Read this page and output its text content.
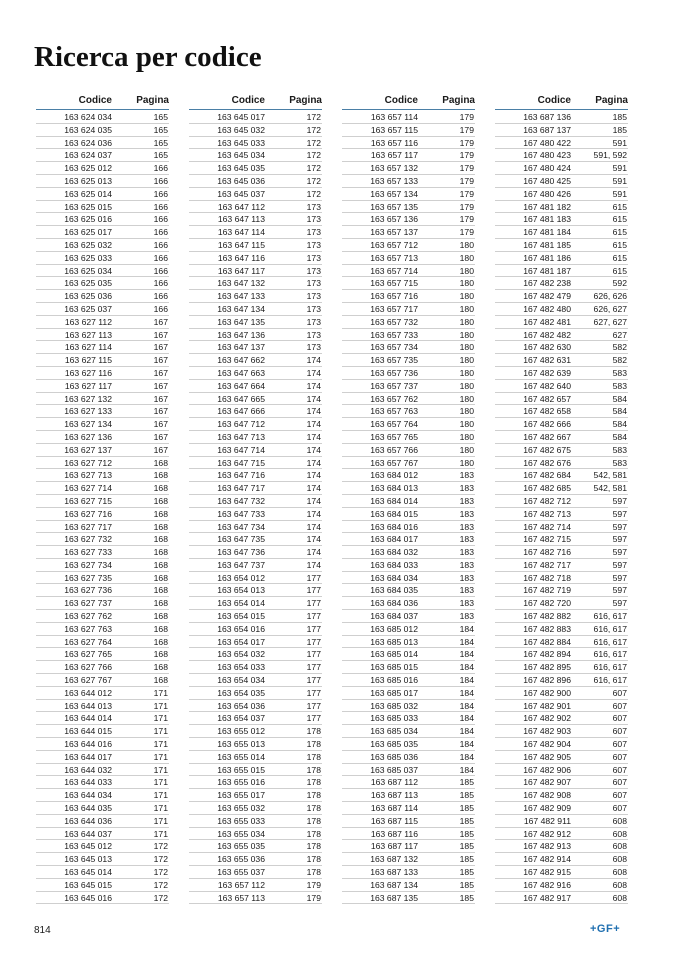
Ricerca per codice
Codice	Pagina
163 624 034	165
163 624 035	165
163 624 036	165
163 624 037	165
163 625 012	166
163 625 013	166
163 625 014	166
163 625 015	166
163 625 016	166
163 625 017	166
163 625 032	166
163 625 033	166
163 625 034	166
163 625 035	166
163 625 036	166
163 625 037	166
163 627 112	167
163 627 113	167
163 627 114	167
163 627 115	167
163 627 116	167
163 627 117	167
163 627 132	167
163 627 133	167
163 627 134	167
163 627 136	167
163 627 137	167
163 627 712	168
163 627 713	168
163 627 714	168
163 627 715	168
163 627 716	168
163 627 717	168
163 627 732	168
163 627 733	168
163 627 734	168
163 627 735	168
163 627 736	168
163 627 737	168
163 627 762	168
163 627 763	168
163 627 764	168
163 627 765	168
163 627 766	168
163 627 767	168
163 644 012	171
163 644 013	171
163 644 014	171
163 644 015	171
163 644 016	171
163 644 017	171
163 644 032	171
163 644 033	171
163 644 034	171
163 644 035	171
163 644 036	171
163 644 037	171
163 645 012	172
163 645 013	172
163 645 014	172
163 645 015	172
163 645 016	172
Codice	Pagina
163 645 017	172
163 645 032	172
163 645 033	172
163 645 034	172
163 645 035	172
163 645 036	172
163 645 037	172
163 647 112	173
163 647 113	173
163 647 114	173
163 647 115	173
163 647 116	173
163 647 117	173
163 647 132	173
163 647 133	173
163 647 134	173
163 647 135	173
163 647 136	173
163 647 137	173
163 647 662	174
163 647 663	174
163 647 664	174
163 647 665	174
163 647 666	174
163 647 712	174
163 647 713	174
163 647 714	174
163 647 715	174
163 647 716	174
163 647 717	174
163 647 732	174
163 647 733	174
163 647 734	174
163 647 735	174
163 647 736	174
163 647 737	174
163 654 012	177
163 654 013	177
163 654 014	177
163 654 015	177
163 654 016	177
163 654 017	177
163 654 032	177
163 654 033	177
163 654 034	177
163 654 035	177
163 654 036	177
163 654 037	177
163 655 012	178
163 655 013	178
163 655 014	178
163 655 015	178
163 655 016	178
163 655 017	178
163 655 032	178
163 655 033	178
163 655 034	178
163 655 035	178
163 655 036	178
163 655 037	178
163 657 112	179
163 657 113	179
Codice	Pagina
163 657 114	179
163 657 115	179
163 657 116	179
163 657 117	179
163 657 132	179
163 657 133	179
163 657 134	179
163 657 135	179
163 657 136	179
163 657 137	179
163 657 712	180
163 657 713	180
163 657 714	180
163 657 715	180
163 657 716	180
163 657 717	180
163 657 732	180
163 657 733	180
163 657 734	180
163 657 735	180
163 657 736	180
163 657 737	180
163 657 762	180
163 657 763	180
163 657 764	180
163 657 765	180
163 657 766	180
163 657 767	180
163 684 012	183
163 684 013	183
163 684 014	183
163 684 015	183
163 684 016	183
163 684 017	183
163 684 032	183
163 684 033	183
163 684 034	183
163 684 035	183
163 684 036	183
163 684 037	183
163 685 012	184
163 685 013	184
163 685 014	184
163 685 015	184
163 685 016	184
163 685 017	184
163 685 032	184
163 685 033	184
163 685 034	184
163 685 035	184
163 685 036	184
163 685 037	184
163 687 112	185
163 687 113	185
163 687 114	185
163 687 115	185
163 687 116	185
163 687 117	185
163 687 132	185
163 687 133	185
163 687 134	185
163 687 135	185
Codice	Pagina
163 687 136	185
163 687 137	185
167 480 422	591
167 480 423	591, 592
167 480 424	591
167 480 425	591
167 480 426	591
167 481 182	615
167 481 183	615
167 481 184	615
167 481 185	615
167 481 186	615
167 481 187	615
167 482 238	592
167 482 479	626, 626
167 482 480	626, 627
167 482 481	627, 627
167 482 482	627
167 482 630	582
167 482 631	582
167 482 639	583
167 482 640	583
167 482 657	584
167 482 658	584
167 482 666	584
167 482 667	584
167 482 675	583
167 482 676	583
167 482 684	542, 581
167 482 685	542, 581
167 482 712	597
167 482 713	597
167 482 714	597
167 482 715	597
167 482 716	597
167 482 717	597
167 482 718	597
167 482 719	597
167 482 720	597
167 482 882	616, 617
167 482 883	616, 617
167 482 884	616, 617
167 482 894	616, 617
167 482 895	616, 617
167 482 896	616, 617
167 482 900	607
167 482 901	607
167 482 902	607
167 482 903	607
167 482 904	607
167 482 905	607
167 482 906	607
167 482 907	607
167 482 908	607
167 482 909	607
167 482 911	608
167 482 912	608
167 482 913	608
167 482 914	608
167 482 915	608
167 482 916	608
167 482 917	608
814	+GF+
